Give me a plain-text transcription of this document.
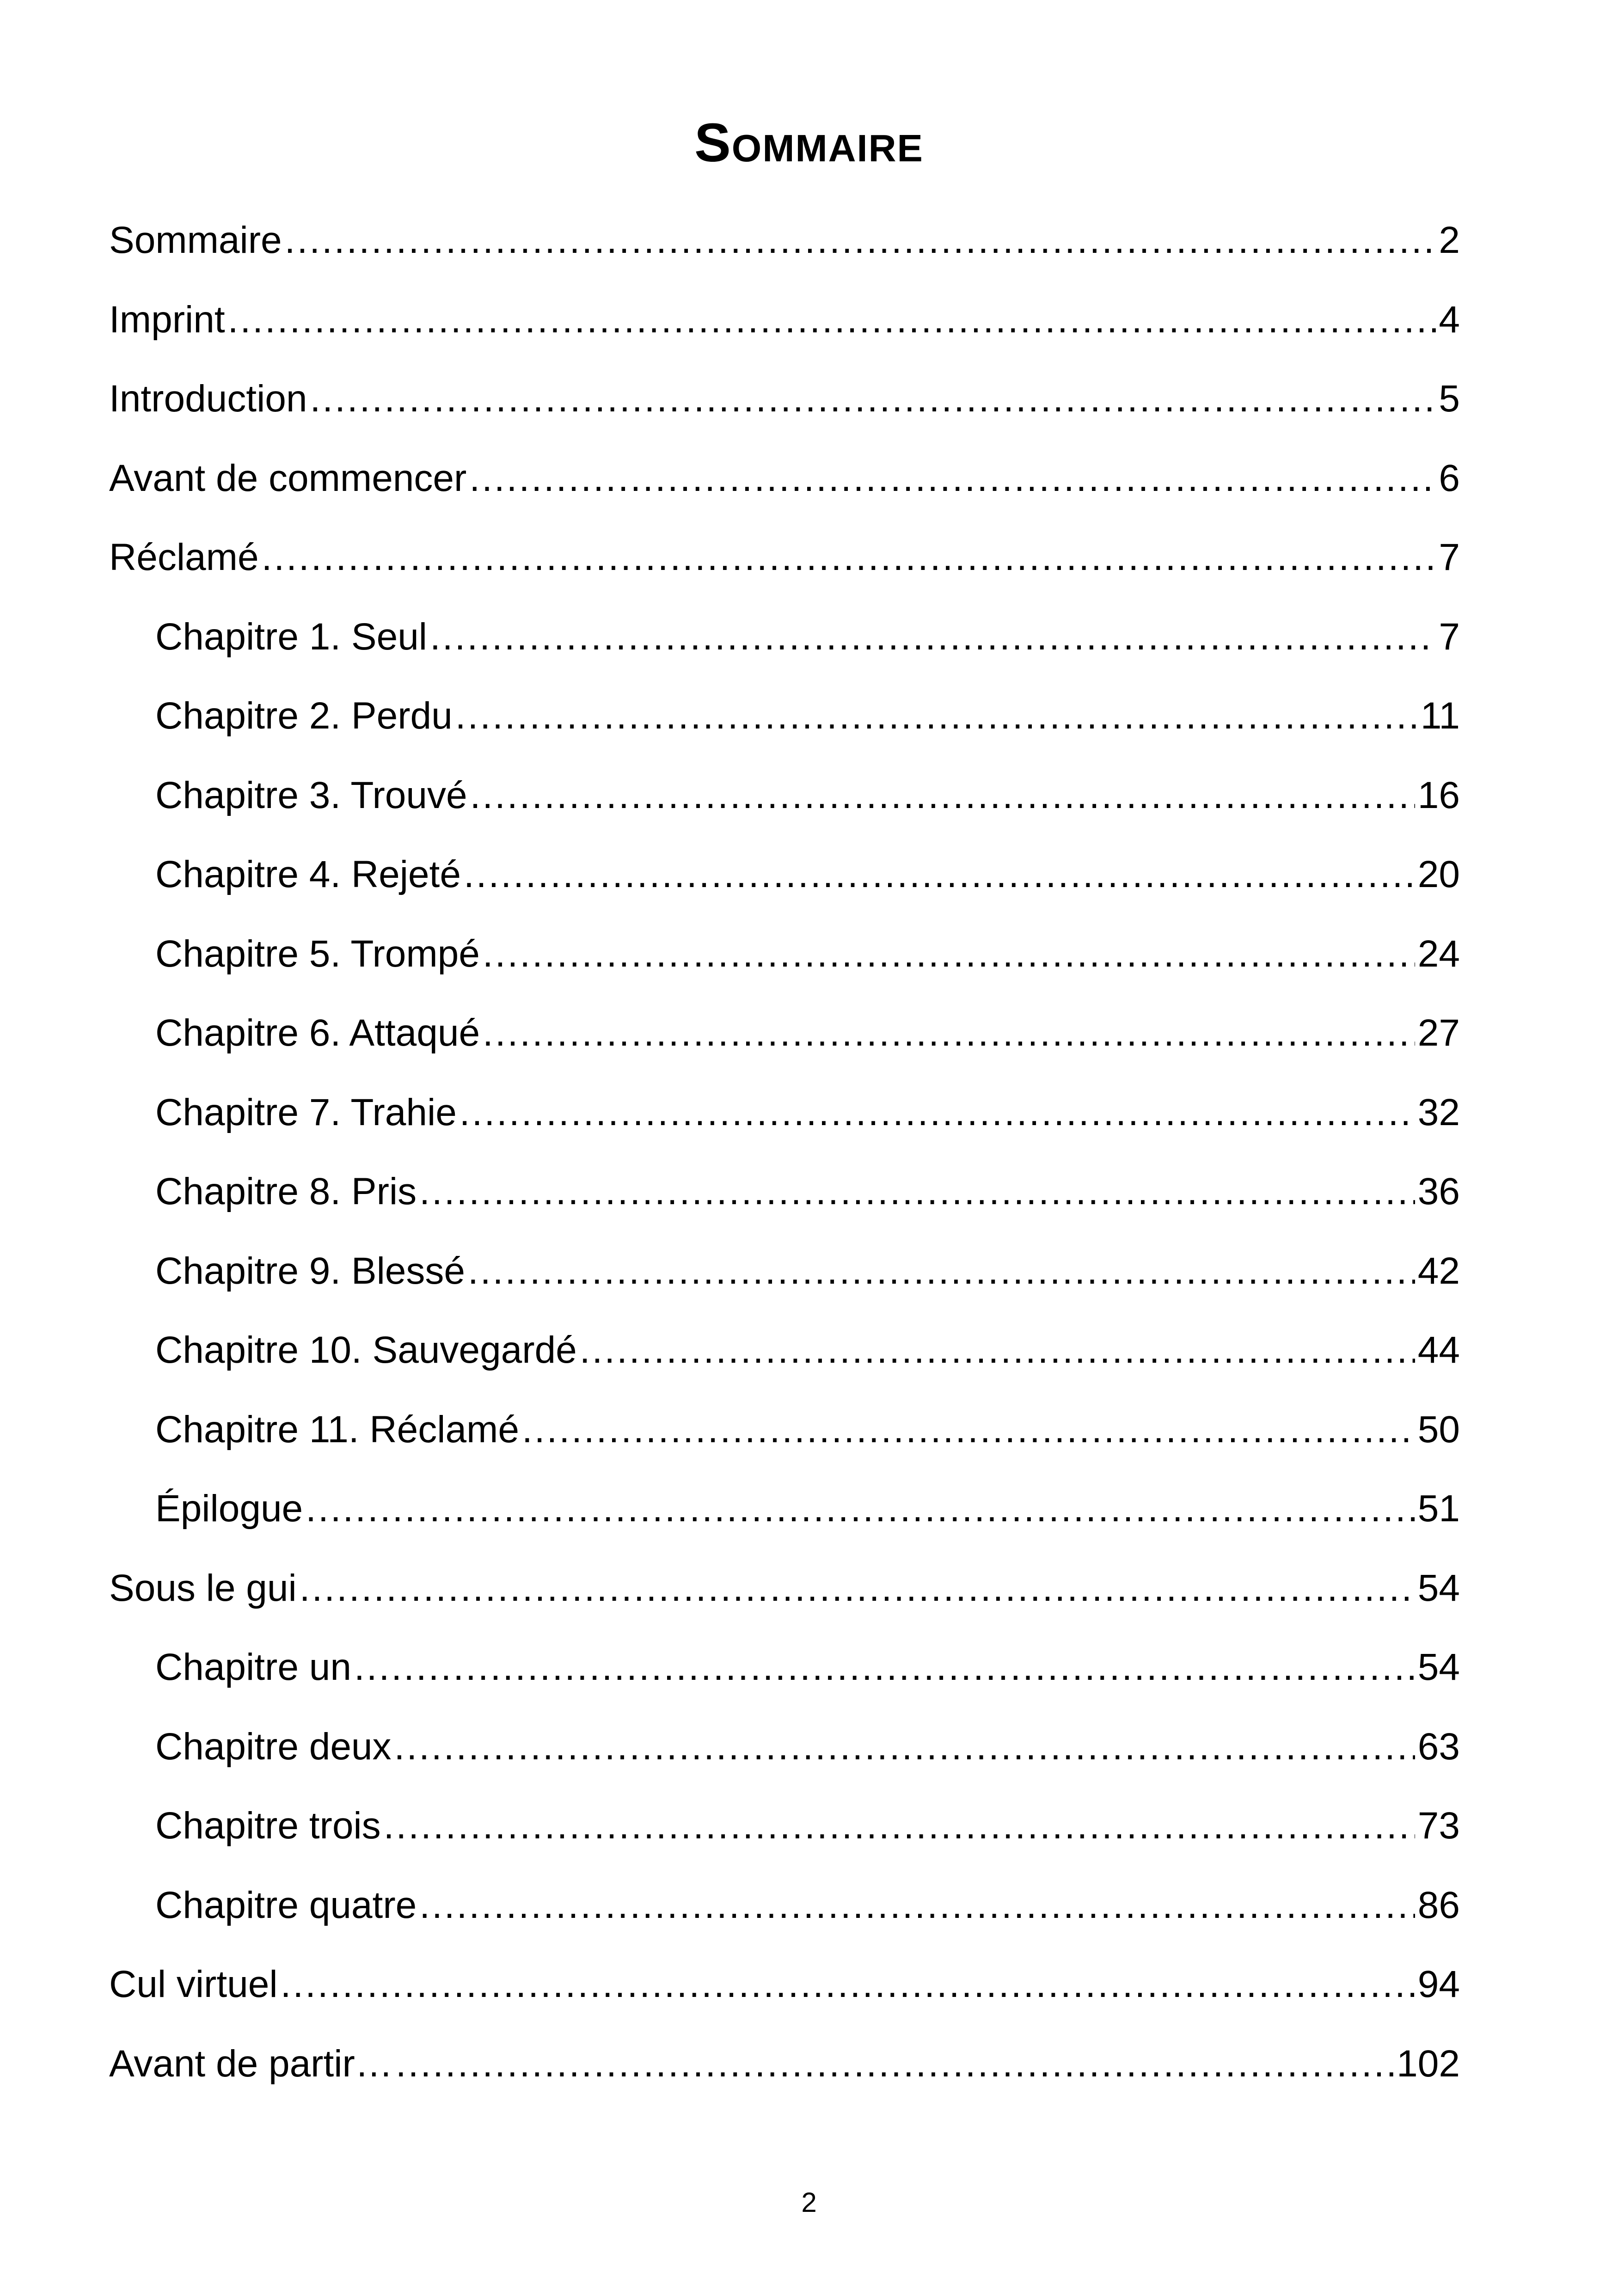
Sommaire
Sommaire .....	2
Imprint .....	4
Introduction .....	5
Avant de commencer .....	6
Réclamé .....	7
Chapitre 1. Seul .....	7
Chapitre 2. Perdu .....	11
Chapitre 3. Trouvé .....	16
Chapitre 4. Rejeté .....	20
Chapitre 5. Trompé .....	24
Chapitre 6. Attaqué .....	27
Chapitre 7. Trahie .....	32
Chapitre 8. Pris .....	36
Chapitre 9. Blessé .....	42
Chapitre 10. Sauvegardé .....	44
Chapitre 11. Réclamé .....	50
Épilogue .....	51
Sous le gui .....	54
Chapitre un .....	54
Chapitre deux .....	63
Chapitre trois .....	73
Chapitre quatre .....	86
Cul virtuel .....	94
Avant de partir… .....	102
2
